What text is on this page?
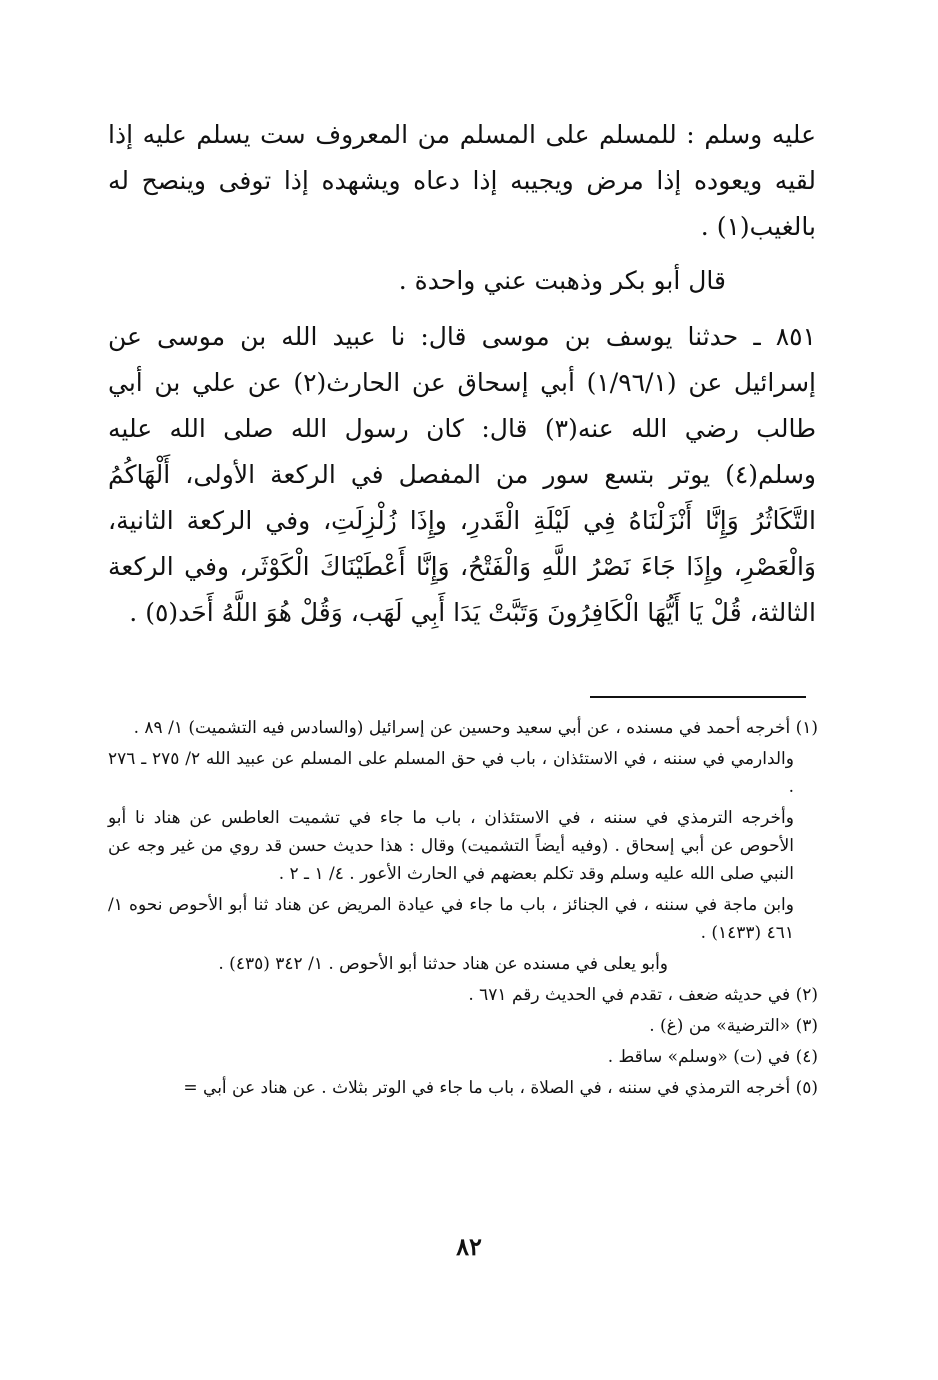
عليه وسلم : للمسلم على المسلم من المعروف ست يسلم عليه إذا لقيه ويعوده إذا مرض ويجيبه إذا دعاه ويشهده إذا توفى وينصح له بالغيب(١) .

قال أبو بكر وذهبت عني واحدة .

٨٥١ ـ حدثنا يوسف بن موسى قال: نا عبيد الله بن موسى عن إسرائيل عن (١/٩٦/١) أبي إسحاق عن الحارث(٢) عن علي بن أبي طالب رضي الله عنه(٣) قال: كان رسول الله صلى الله عليه وسلم(٤) يوتر بتسع سور من المفصل في الركعة الأولى، أَلْهَاكُمُ التَّكَاثُرُ وَإِنَّا أَنْزَلْنَاهُ فِي لَيْلَةِ الْقَدرِ، وإِذَا زُلْزِلَتِ، وفي الركعة الثانية، وَالْعَصْرِ، وإِذَا جَاءَ نَصْرُ اللَّهِ وَالْفَتْحُ، وَإِنَّا أَعْطَيْنَاكَ الْكَوْثَر، وفي الركعة الثالثة، قُلْ يَا أَيُّهَا الْكَافِرُونَ وَتَبَّتْ يَدَا أَبِي لَهَب، وَقُلْ هُوَ اللَّهُ أَحَد(٥) .

(١) أخرجه أحمد في مسنده ، عن أبي سعيد وحسين عن إسرائيل (والسادس فيه التشميت) ١/ ٨٩ .

والدارمي في سننه ، في الاستئذان ، باب في حق المسلم على المسلم عن عبيد الله ٢/ ٢٧٥ ـ ٢٧٦ .

وأخرجه الترمذي في سننه ، في الاستئذان ، باب ما جاء في تشميت العاطس عن هناد نا أبو الأحوص عن أبي إسحاق . (وفيه أيضاً التشميت) وقال : هذا حديث حسن قد روي من غير وجه عن النبي صلى الله عليه وسلم وقد تكلم بعضهم في الحارث الأعور . ٤/ ١ ـ ٢ .

وابن ماجة في سننه ، في الجنائز ، باب ما جاء في عيادة المريض عن هناد ثنا أبو الأحوص نحوه ١/ ٤٦١ (١٤٣٣) .

وأبو يعلى في مسنده عن هناد حدثنا أبو الأحوص . ١/ ٣٤٢ (٤٣٥) .

(٢) في حديثه ضعف ، تقدم في الحديث رقم ٦٧١ .

(٣) «الترضية» من (غ) .

(٤) في (ت) «وسلم» ساقط .

(٥) أخرجه الترمذي في سننه ، في الصلاة ، باب ما جاء في الوتر بثلاث . عن هناد عن أبي =

٨٢
